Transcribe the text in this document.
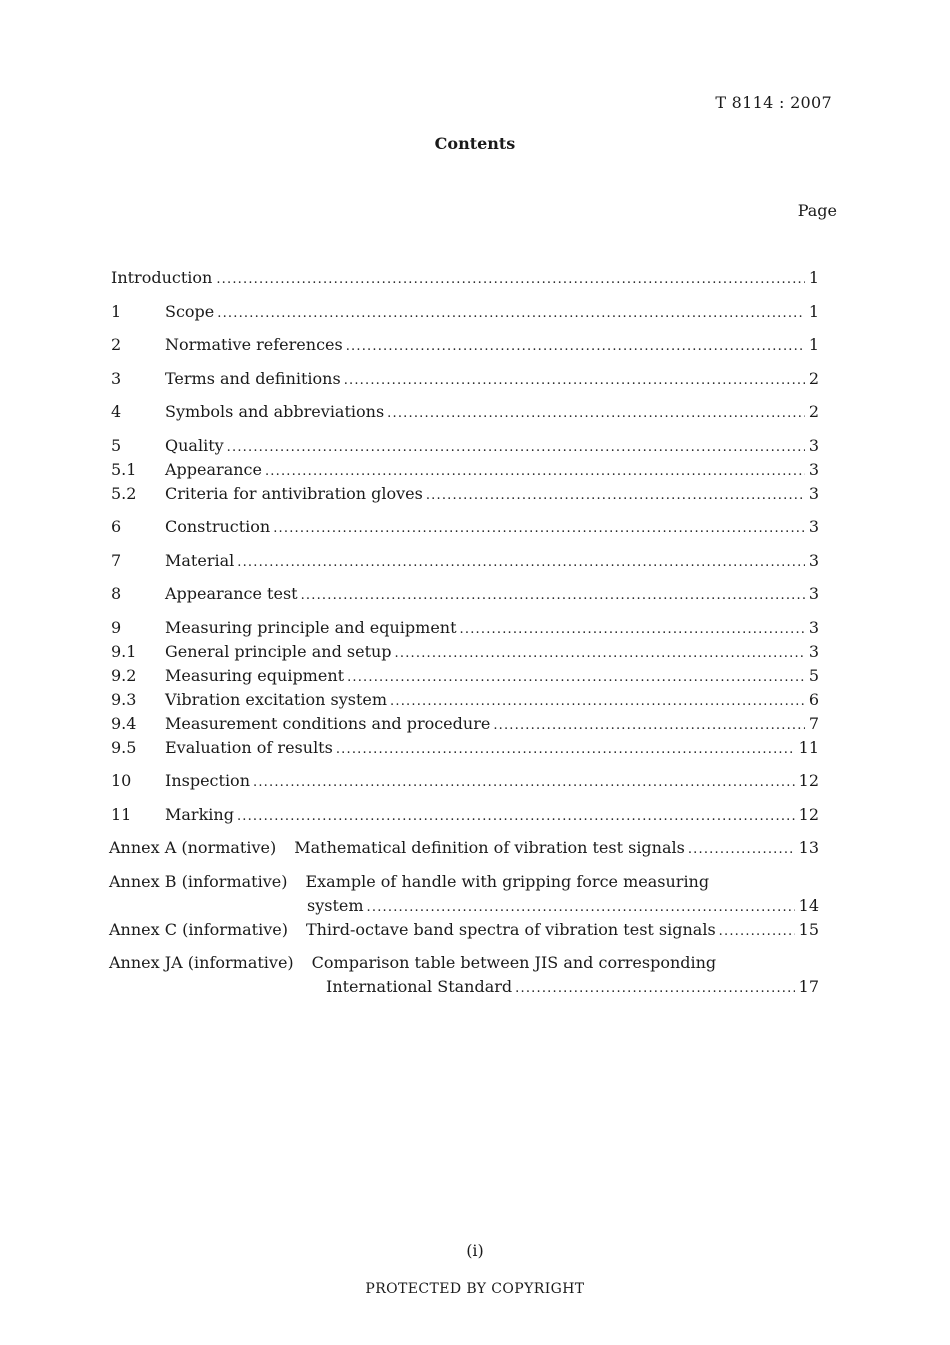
T 8114 : 2007
Contents
Page
Introduction .....	1
1	Scope .....	1
2	Normative references .....	1
3	Terms and definitions .....	2
4	Symbols and abbreviations .....	2
5	Quality .....	3
5.1	Appearance .....	3
5.2	Criteria for antivibration gloves .....	3
6	Construction .....	3
7	Material .....	3
8	Appearance test .....	3
9	Measuring principle and equipment .....	3
9.1	General principle and setup .....	3
9.2	Measuring equipment .....	5
9.3	Vibration excitation system .....	6
9.4	Measurement conditions and procedure .....	7
9.5	Evaluation of results .....	11
10	Inspection .....	12
11	Marking .....	12
Annex A (normative)	Mathematical definition of vibration test signals .....	13
Annex B (informative)	Example of handle with gripping force measuring
system .....	14
Annex C (informative)	Third-octave band spectra of vibration test signals .....	15
Annex JA (informative)	Comparison table between JIS and corresponding
International Standard .....	17
(i)
PROTECTED BY COPYRIGHT
